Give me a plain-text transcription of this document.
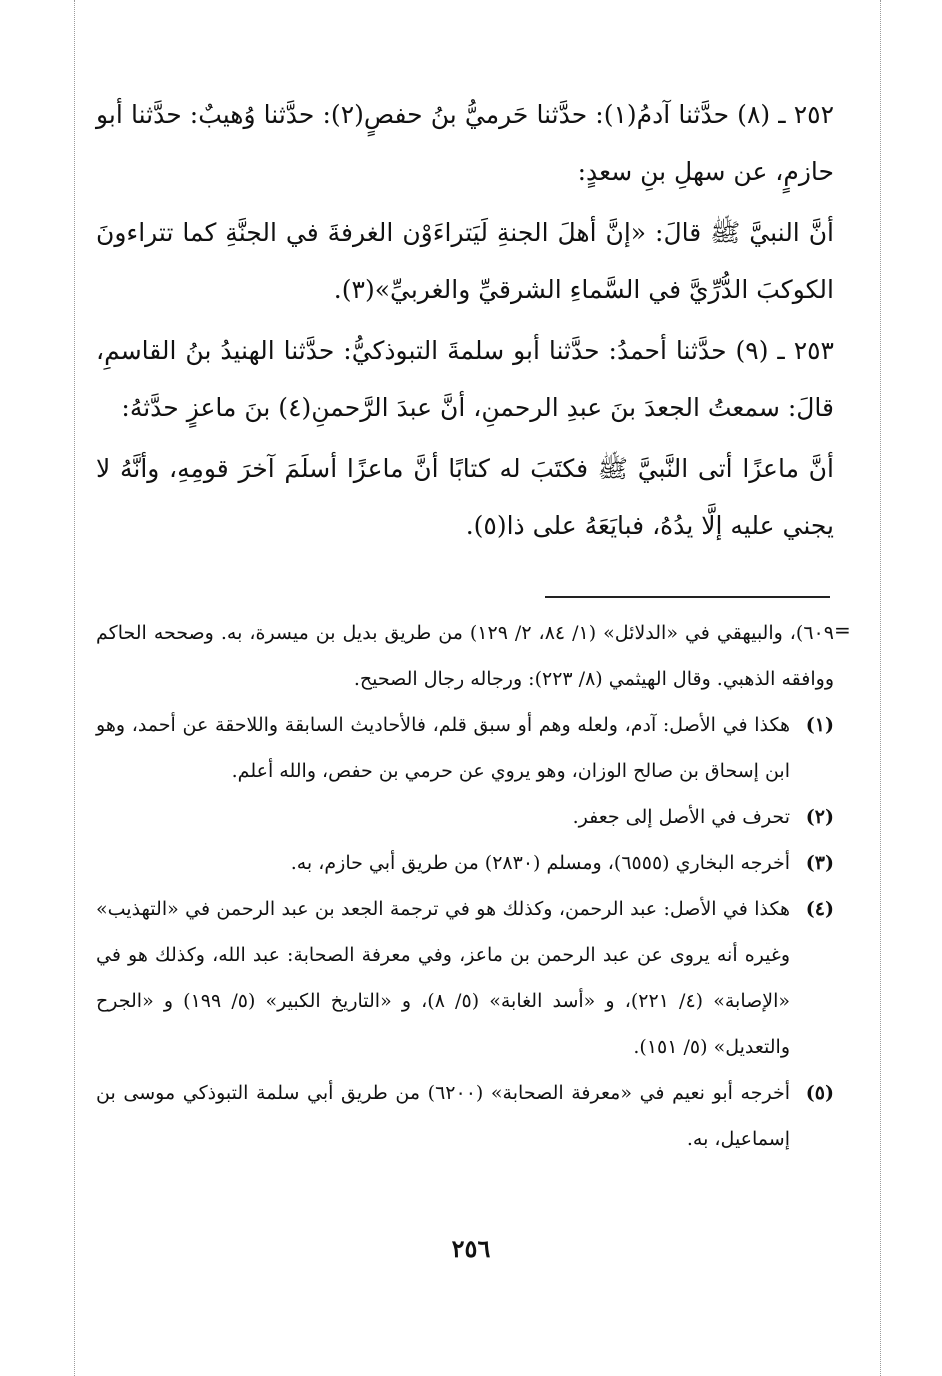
٢٥٢ ـ (٨) حدَّثنا آدمُ(١): حدَّثنا حَرميُّ بنُ حفصٍ(٢): حدَّثنا وُهيبٌ: حدَّثنا أبو حازمٍ، عن سهلِ بنِ سعدٍ:

أنَّ النبيَّ ﷺ قالَ: «إنَّ أهلَ الجنةِ لَيَتراءَوْن الغرفةَ في الجنَّةِ كما تتراءونَ الكوكبَ الدُّرِّيَّ في السَّماءِ الشرقيِّ والغربيِّ»(٣).

٢٥٣ ـ (٩) حدَّثنا أحمدُ: حدَّثنا أبو سلمةَ التبوذكيُّ: حدَّثنا الهنيدُ بنُ القاسمِ، قالَ: سمعتُ الجعدَ بنَ عبدِ الرحمنِ، أنَّ عبدَ الرَّحمنِ(٤) بنَ ماعزٍ حدَّثهُ:

أنَّ ماعزًا أتى النَّبيَّ ﷺ فكتَبَ له كتابًا أنَّ ماعزًا أسلَمَ آخرَ قومِهِ، وأنَّهُ لا يجني عليه إلَّا يدُهُ، فبايَعَهُ على ذا(٥).

=

٦٠٩)، والبيهقي في «الدلائل» (١/ ٨٤، ٢/ ١٢٩) من طريق بديل بن ميسرة، به. وصححه الحاكم ووافقه الذهبي. وقال الهيثمي (٨/ ٢٢٣): ورجاله رجال الصحيح.

(١)
هكذا في الأصل: آدم، ولعله وهم أو سبق قلم، فالأحاديث السابقة واللاحقة عن أحمد، وهو ابن إسحاق بن صالح الوزان، وهو يروي عن حرمي بن حفص، والله أعلم.

(٢)
تحرف في الأصل إلى جعفر.

(٣)
أخرجه البخاري (٦٥٥٥)، ومسلم (٢٨٣٠) من طريق أبي حازم، به.

(٤)
هكذا في الأصل: عبد الرحمن، وكذلك هو في ترجمة الجعد بن عبد الرحمن في «التهذيب» وغيره أنه يروى عن عبد الرحمن بن ماعز، وفي معرفة الصحابة: عبد الله، وكذلك هو في «الإصابة» (٤/ ٢٢١)، و «أسد الغابة» (٥/ ٨)، و «التاريخ الكبير» (٥/ ١٩٩) و «الجرح والتعديل» (٥/ ١٥١).

(٥)
أخرجه أبو نعيم في «معرفة الصحابة» (٦٢٠٠) من طريق أبي سلمة التبوذكي موسى بن إسماعيل، به.

٢٥٦
